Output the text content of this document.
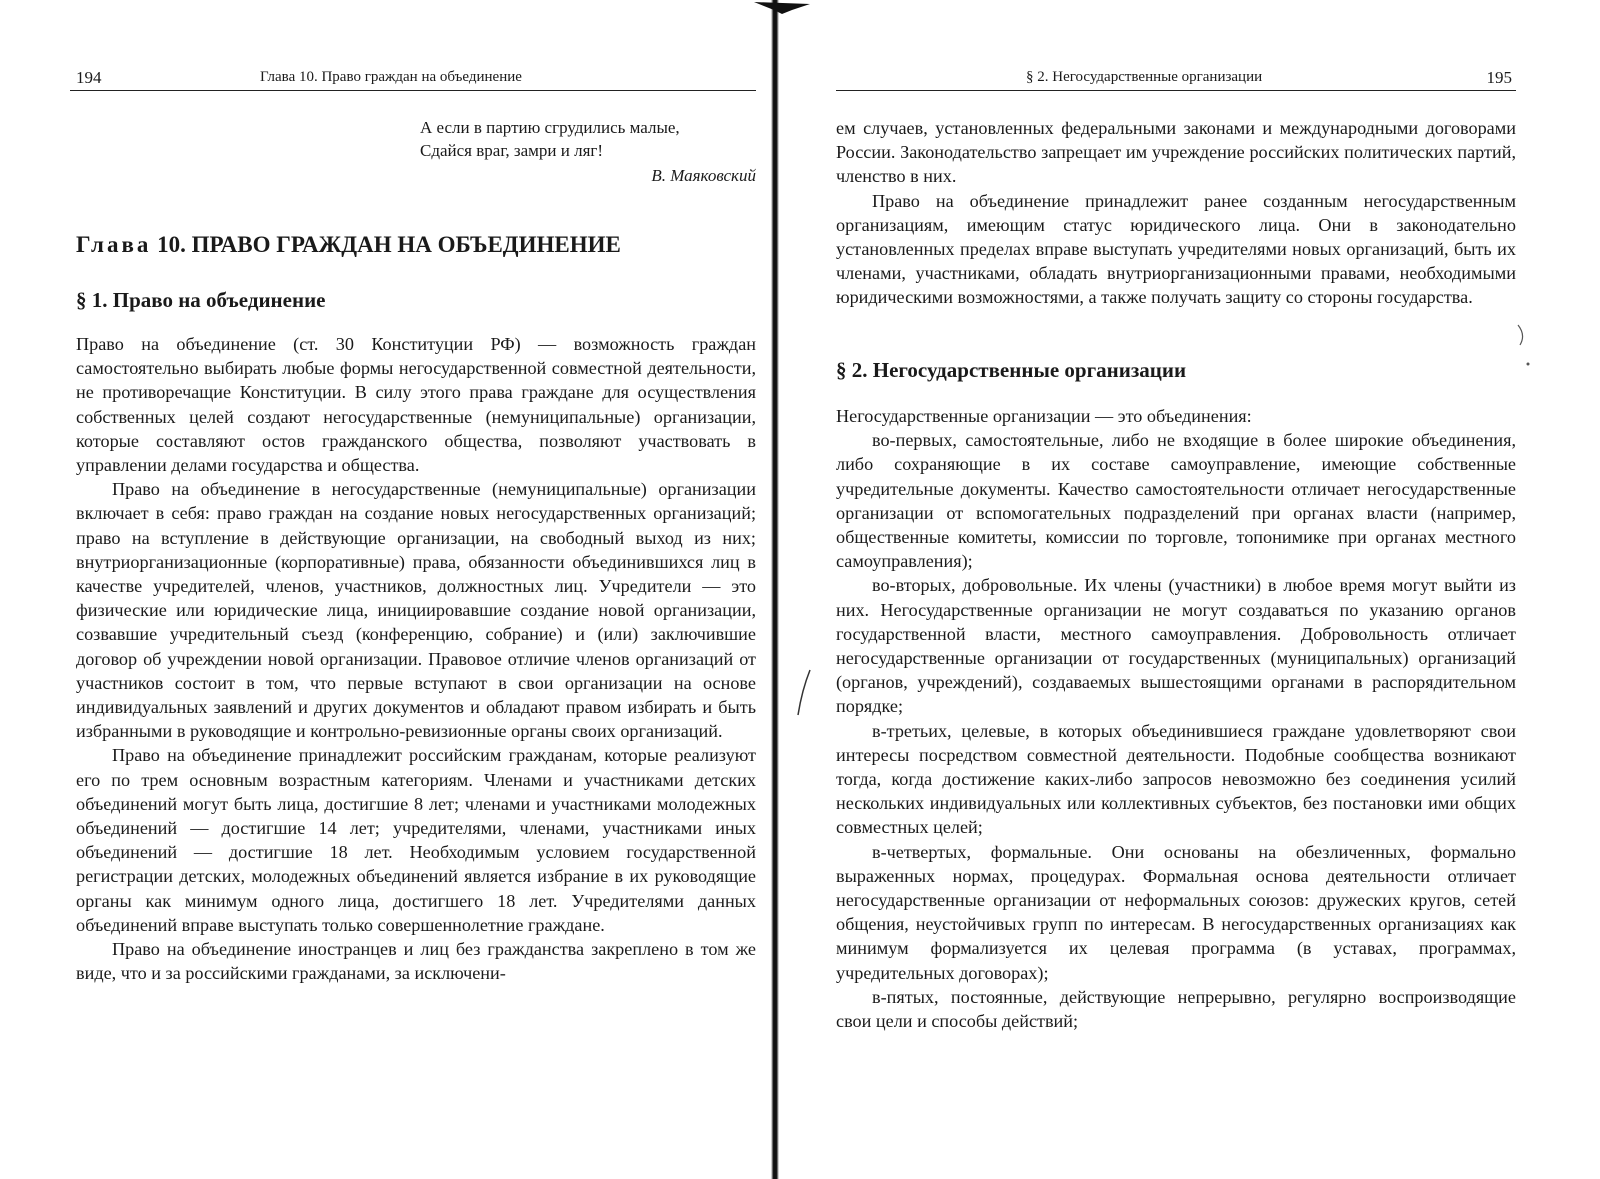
194	Глава 10. Право граждан на объединение
А если в партию сгрудились малые,
Сдайся враг, замри и ляг!
В. Маяковский
Глава 10. ПРАВО ГРАЖДАН НА ОБЪЕДИНЕНИЕ
§ 1. Право на объединение

Право на объединение (ст. 30 Конституции РФ) — возможность граждан самостоятельно выбирать любые формы негосударственной совместной деятельности, не противоречащие Конституции. В силу этого права граждане для осуществления собственных целей создают негосударственные (немуниципальные) организации, которые составляют остов гражданского общества, позволяют участвовать в управлении делами государства и общества.

Право на объединение в негосударственные (немуниципальные) организации включает в себя: право граждан на создание новых негосударственных организаций; право на вступление в действующие организации, на свободный выход из них; внутриорганизационные (корпоративные) права, обязанности объединившихся лиц в качестве учредителей, членов, участников, должностных лиц. Учредители — это физические или юридические лица, инициировавшие создание новой организации, созвавшие учредительный съезд (конференцию, собрание) и (или) заключившие договор об учреждении новой организации. Правовое отличие членов организаций от участников состоит в том, что первые вступают в свои организации на основе индивидуальных заявлений и других документов и обладают правом избирать и быть избранными в руководящие и контрольно-ревизионные органы своих организаций.

Право на объединение принадлежит российским гражданам, которые реализуют его по трем основным возрастным категориям. Членами и участниками детских объединений могут быть лица, достигшие 8 лет; членами и участниками молодежных объединений — достигшие 14 лет; учредителями, членами, участниками иных объединений — достигшие 18 лет. Необходимым условием государственной регистрации детских, молодежных объединений является избрание в их руководящие органы как минимум одного лица, достигшего 18 лет. Учредителями данных объединений вправе выступать только совершеннолетние граждане.

Право на объединение иностранцев и лиц без гражданства закреплено в том же виде, что и за российскими гражданами, за исключени-

§ 2. Негосударственные организации	195

ем случаев, установленных федеральными законами и международными договорами России. Законодательство запрещает им учреждение российских политических партий, членство в них.

Право на объединение принадлежит ранее созданным негосударственным организациям, имеющим статус юридического лица. Они в законодательно установленных пределах вправе выступать учредителями новых организаций, быть их членами, участниками, обладать внутриорганизационными правами, необходимыми юридическими возможностями, а также получать защиту со стороны государства.

§ 2. Негосударственные организации

Негосударственные организации — это объединения:

во-первых, самостоятельные, либо не входящие в более широкие объединения, либо сохраняющие в их составе самоуправление, имеющие собственные учредительные документы. Качество самостоятельности отличает негосударственные организации от вспомогательных подразделений при органах власти (например, общественные комитеты, комиссии по торговле, топонимике при органах местного самоуправления);

во-вторых, добровольные. Их члены (участники) в любое время могут выйти из них. Негосударственные организации не могут создаваться по указанию органов государственной власти, местного самоуправления. Добровольность отличает негосударственные организации от государственных (муниципальных) организаций (органов, учреждений), создаваемых вышестоящими органами в распорядительном порядке;

в-третьих, целевые, в которых объединившиеся граждане удовлетворяют свои интересы посредством совместной деятельности. Подобные сообщества возникают тогда, когда достижение каких-либо запросов невозможно без соединения усилий нескольких индивидуальных или коллективных субъектов, без постановки ими общих совместных целей;

в-четвертых, формальные. Они основаны на обезличенных, формально выраженных нормах, процедурах. Формальная основа деятельности отличает негосударственные организации от неформальных союзов: дружеских кругов, сетей общения, неустойчивых групп по интересам. В негосударственных организациях как минимум формализуется их целевая программа (в уставах, программах, учредительных договорах);

в-пятых, постоянные, действующие непрерывно, регулярно воспроизводящие свои цели и способы действий;
